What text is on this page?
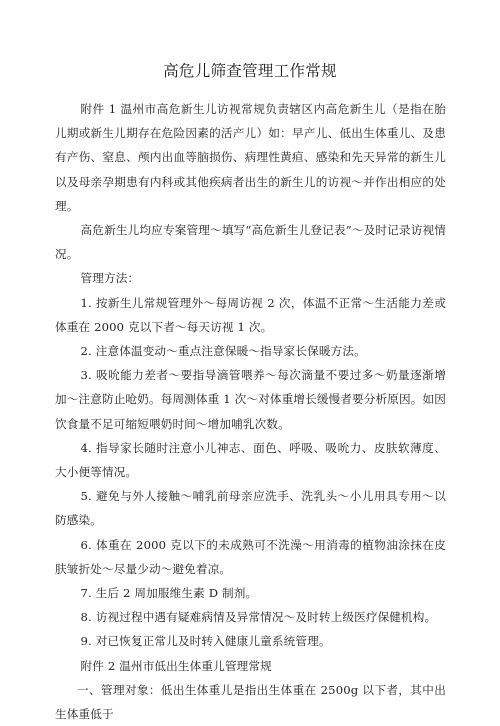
高危儿筛查管理工作常规

附件 1 温州市高危新生儿访视常规负责辖区内高危新生儿（是指在胎儿期或新生儿期存在危险因素的活产儿）如：早产儿、低出生体重儿、及患有产伤、窒息、颅内出血等脑损伤、病理性黄疸、感染和先天异常的新生儿以及母亲孕期患有内科或其他疾病者出生的新生儿的访视～并作出相应的处理。

高危新生儿均应专案管理～填写“高危新生儿登记表”～及时记录访视情况。

管理方法：

1. 按新生儿常规管理外～每周访视 2 次，体温不正常～生活能力差或体重在 2000 克以下者～每天访视 1 次。

2. 注意体温变动～重点注意保暖～指导家长保暖方法。

3. 吸吮能力差者～要指导滴管喂养～每次滴量不要过多～奶量逐渐增加～注意防止呛奶。每周测体重 1 次～对体重增长缓慢者要分析原因。如因饮食量不足可缩短喂奶时间～增加哺乳次数。

4. 指导家长随时注意小儿神志、面色、呼吸、吸吮力、皮肤软薄度、大小便等情况。

5. 避免与外人接触～哺乳前母亲应洗手、洗乳头～小儿用具专用～以防感染。

6. 体重在 2000 克以下的未成熟可不洗澡～用消毒的植物油涂抹在皮肤皱折处～尽量少动～避免着凉。

7. 生后 2 周加服维生素 D 制剂。

8. 访视过程中遇有疑难病情及异常情况～及时转上级医疗保健机构。

9. 对已恢复正常儿及时转入健康儿童系统管理。

附件 2 温州市低出生体重儿管理常规

一、管理对象：低出生体重儿是指出生体重在 2500g 以下者，其中出生体重低于
